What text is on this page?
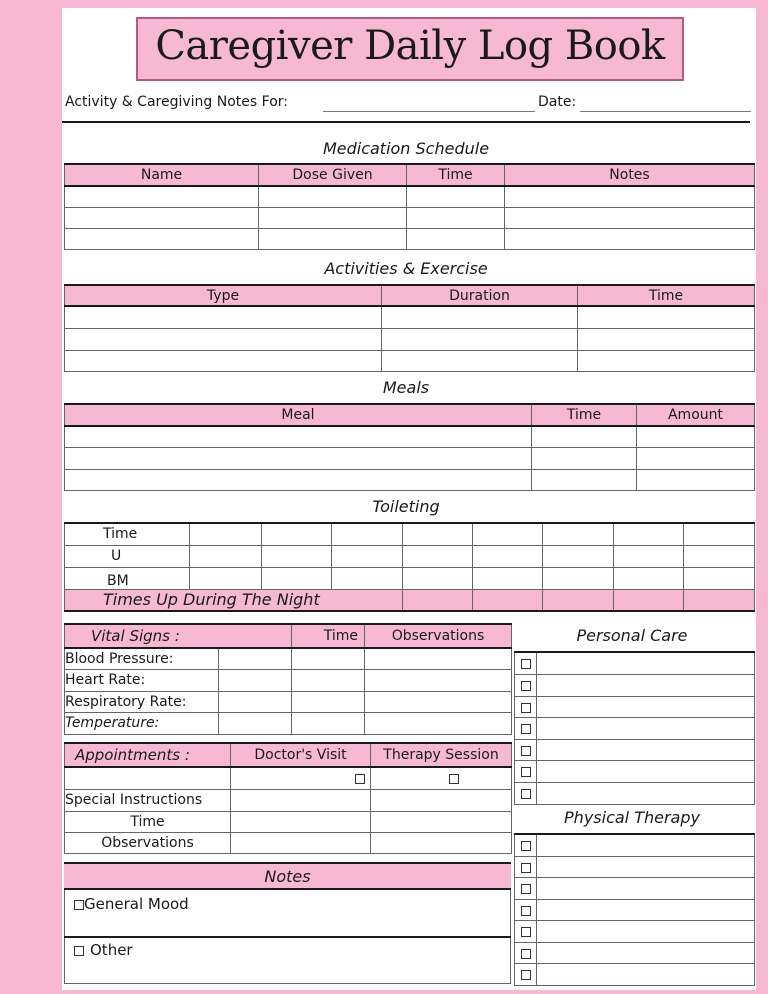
Caregiver Daily Log Book
Activity & Caregiving Notes For:	Date:
Medication Schedule
Name	Dose Given	Time	Notes

Activities & Exercise
Type	Duration	Time

Meals
Meal	Time	Amount

Toileting
Time								
U								
BM								
Times Up During The Night								
Vital Signs :		Time	Observations
Blood Pressure:			
Heart Rate:			
Respiratory Rate:			
Temperature:			
Appointments :	Doctor's Visit	Therapy Session

Special Instructions		
Time		
Observations		
Notes
General Mood
Other
Personal Care

Physical Therapy
